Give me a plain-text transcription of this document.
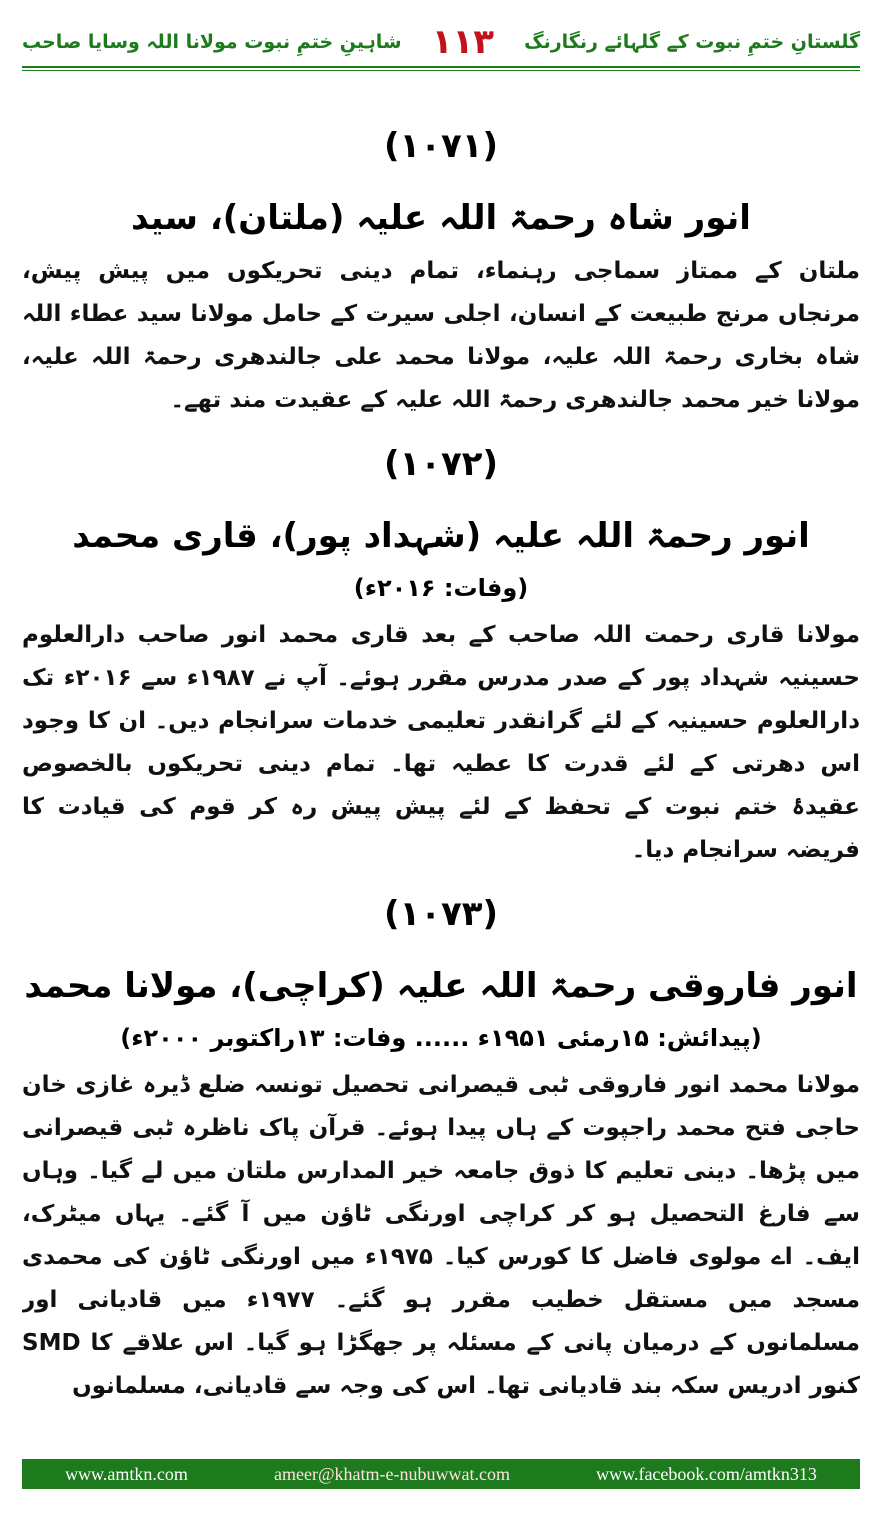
شاہینِ ختمِ نبوت مولانا اللہ وسایا صاحب ۱۱۳ گلستانِ ختمِ نبوت کے گلہائے رنگارنگ
(۱۰۷۱)
انور شاہ رحمۃ اللہ علیہ (ملتان)، سید

ملتان کے ممتاز سماجی رہنماء، تمام دینی تحریکوں میں پیش پیش، مرنجاں مرنج طبیعت کے انسان، اجلی سیرت کے حامل مولانا سید عطاء اللہ شاہ بخاری رحمۃ اللہ علیہ، مولانا محمد علی جالندھری رحمۃ اللہ علیہ، مولانا خیر محمد جالندھری رحمۃ اللہ علیہ کے عقیدت مند تھے۔

(۱۰۷۲)
انور رحمۃ اللہ علیہ (شہداد پور)، قاری محمد
(وفات: ۲۰۱۶ء)

مولانا قاری رحمت اللہ صاحب کے بعد قاری محمد انور صاحب دارالعلوم حسینیہ شہداد پور کے صدر مدرس مقرر ہوئے۔ آپ نے ۱۹۸۷ء سے ۲۰۱۶ء تک دارالعلوم حسینیہ کے لئے گرانقدر تعلیمی خدمات سرانجام دیں۔ ان کا وجود اس دھرتی کے لئے قدرت کا عطیہ تھا۔ تمام دینی تحریکوں بالخصوص عقیدۂ ختم نبوت کے تحفظ کے لئے پیش پیش رہ کر قوم کی قیادت کا فریضہ سرانجام دیا۔

(۱۰۷۳)
انور فاروقی رحمۃ اللہ علیہ (کراچی)، مولانا محمد
(پیدائش: ۱۵رمئی ۱۹۵۱ء ...... وفات: ۱۳راکتوبر ۲۰۰۰ء)

مولانا محمد انور فاروقی ٹبی قیصرانی تحصیل تونسہ ضلع ڈیرہ غازی خان حاجی فتح محمد راجپوت کے ہاں پیدا ہوئے۔ قرآن پاک ناظرہ ٹبی قیصرانی میں پڑھا۔ دینی تعلیم کا ذوق جامعہ خیر المدارس ملتان میں لے گیا۔ وہاں سے فارغ التحصیل ہو کر کراچی اورنگی ٹاؤن میں آ گئے۔ یہاں میٹرک، ایف۔ اے مولوی فاضل کا کورس کیا۔ ۱۹۷۵ء میں اورنگی ٹاؤن کی محمدی مسجد میں مستقل خطیب مقرر ہو گئے۔ ۱۹۷۷ء میں قادیانی اور مسلمانوں کے درمیان پانی کے مسئلہ پر جھگڑا ہو گیا۔ اس علاقے کا SMD کنور ادریس سکہ بند قادیانی تھا۔ اس کی وجہ سے قادیانی، مسلمانوں

www.amtkn.com	ameer@khatm-e-nubuwwat.com	www.facebook.com/amtkn313
